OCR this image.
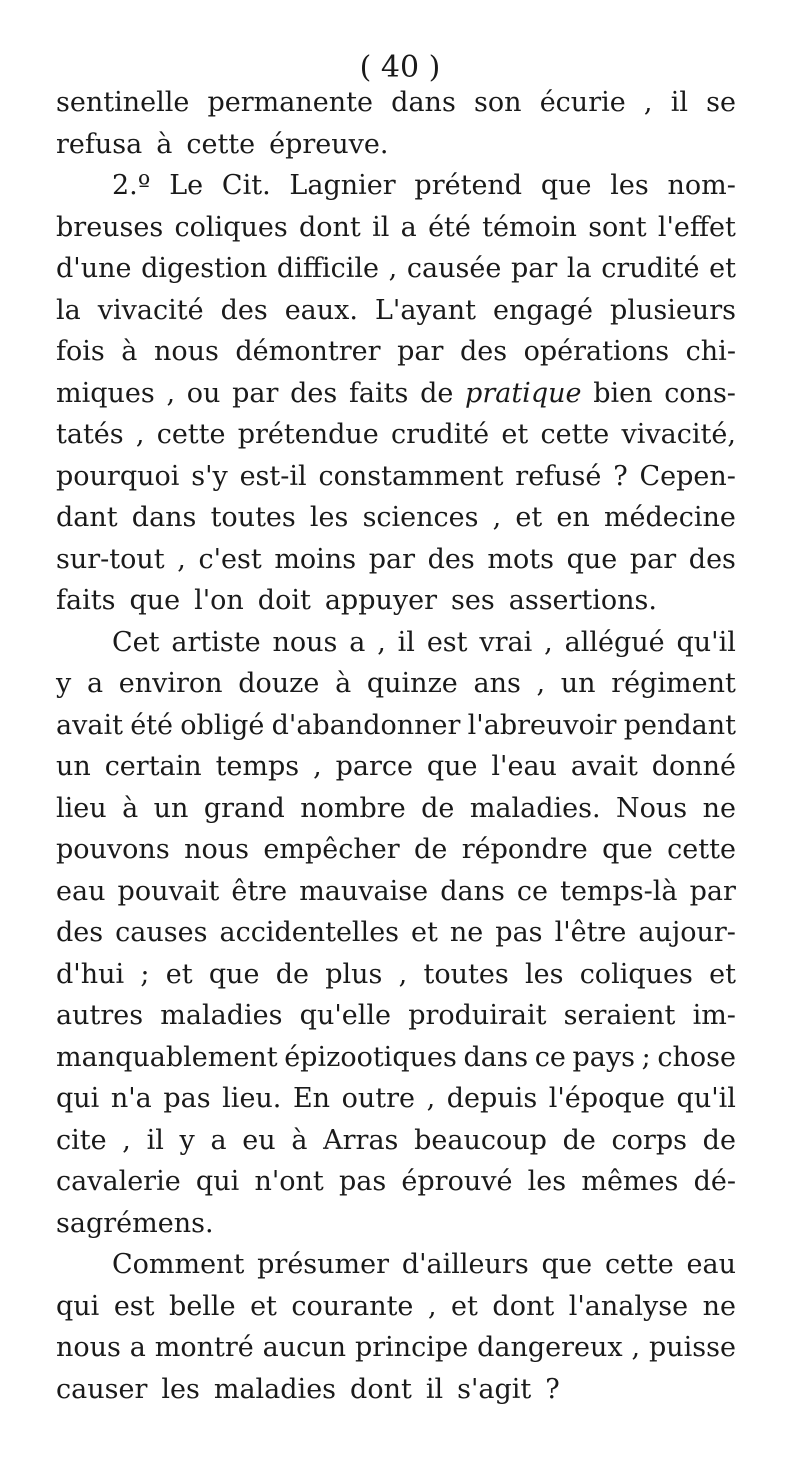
( 40 )
sentinelle permanente dans son écurie , il se
refusa à cette épreuve.
2.º Le Cit. Lagnier prétend que les nom-
breuses coliques dont il a été témoin sont l'effet
d'une digestion difficile , causée par la crudité et
la vivacité des eaux. L'ayant engagé plusieurs
fois à nous démontrer par des opérations chi-
miques , ou par des faits de pratique bien cons-
tatés , cette prétendue crudité et cette vivacité,
pourquoi s'y est-il constamment refusé ? Cepen-
dant dans toutes les sciences , et en médecine
sur-tout , c'est moins par des mots que par des
faits que l'on doit appuyer ses assertions.
Cet artiste nous a , il est vrai , allégué qu'il
y a environ douze à quinze ans , un régiment
avait été obligé d'abandonner l'abreuvoir pendant
un certain temps , parce que l'eau avait donné
lieu à un grand nombre de maladies. Nous ne
pouvons nous empêcher de répondre que cette
eau pouvait être mauvaise dans ce temps-là par
des causes accidentelles et ne pas l'être aujour-
d'hui ; et que de plus , toutes les coliques et
autres maladies qu'elle produirait seraient im-
manquablement épizootiques dans ce pays ; chose
qui n'a pas lieu. En outre , depuis l'époque qu'il
cite , il y a eu à Arras beaucoup de corps de
cavalerie qui n'ont pas éprouvé les mêmes dé-
sagrémens.
Comment présumer d'ailleurs que cette eau
qui est belle et courante , et dont l'analyse ne
nous a montré aucun principe dangereux , puisse
causer les maladies dont il s'agit ?
